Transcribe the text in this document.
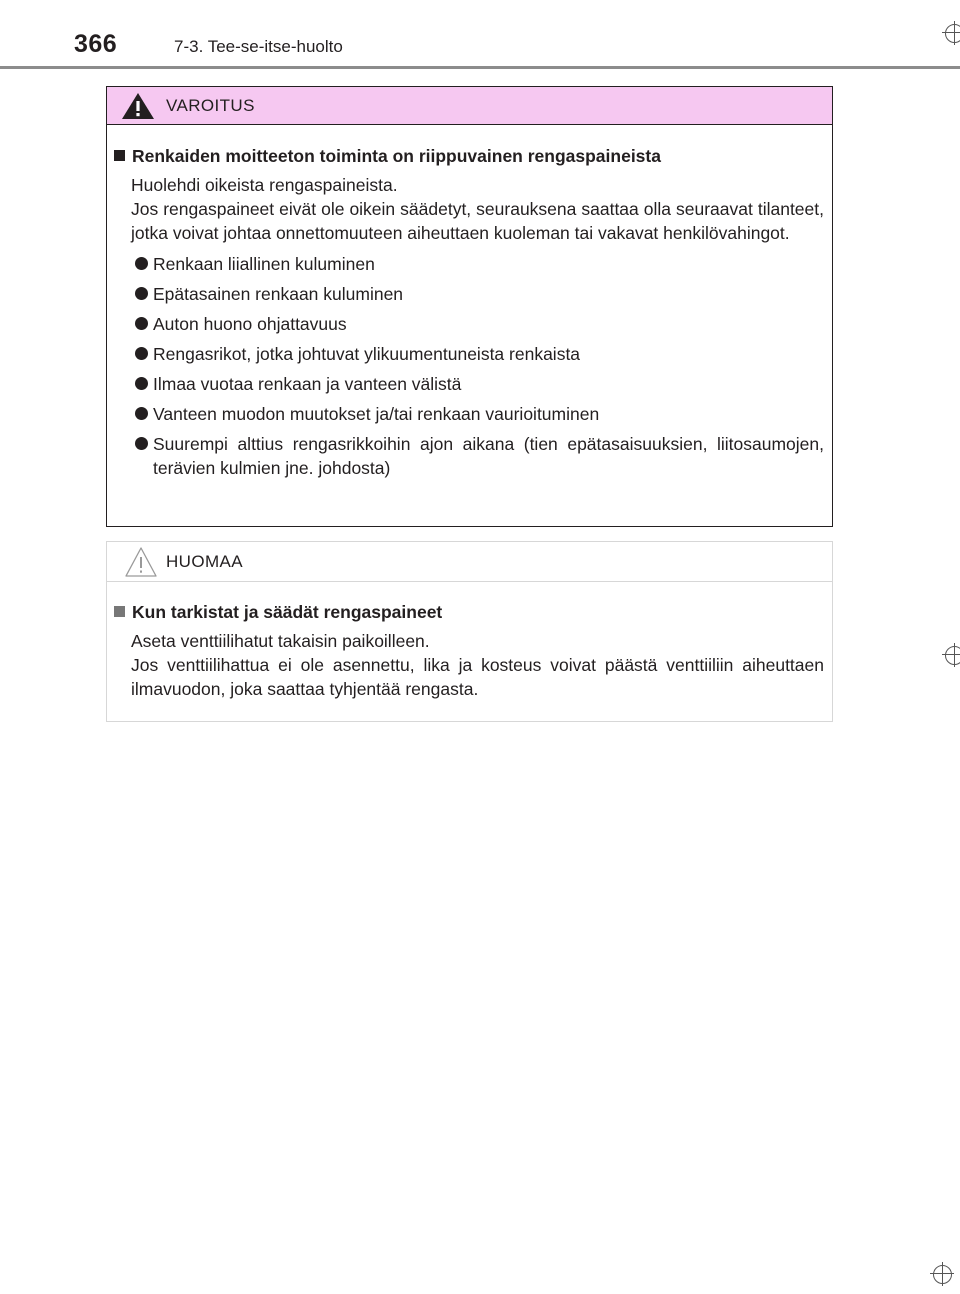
366	7-3. Tee-se-itse-huolto
VAROITUS
Renkaiden moitteeton toiminta on riippuvainen rengaspaineista

Huolehdi oikeista rengaspaineista.

Jos rengaspaineet eivät ole oikein säädetyt, seurauksena saattaa olla seuraavat tilanteet, jotka voivat johtaa onnettomuuteen aiheuttaen kuoleman tai vakavat henkilövahingot.

Renkaan liiallinen kuluminen
Epätasainen renkaan kuluminen
Auton huono ohjattavuus
Rengasrikot, jotka johtuvat ylikuumentuneista renkaista
Ilmaa vuotaa renkaan ja vanteen välistä
Vanteen muodon muutokset ja/tai renkaan vaurioituminen
Suurempi alttius rengasrikkoihin ajon aikana (tien epätasaisuuksien, liitosaumojen, terävien kulmien jne. johdosta)
HUOMAA
Kun tarkistat ja säädät rengaspaineet

Aseta venttiilihatut takaisin paikoilleen.

Jos venttiilihattua ei ole asennettu, lika ja kosteus voivat päästä venttiiliin aiheuttaen ilmavuodon, joka saattaa tyhjentää rengasta.
